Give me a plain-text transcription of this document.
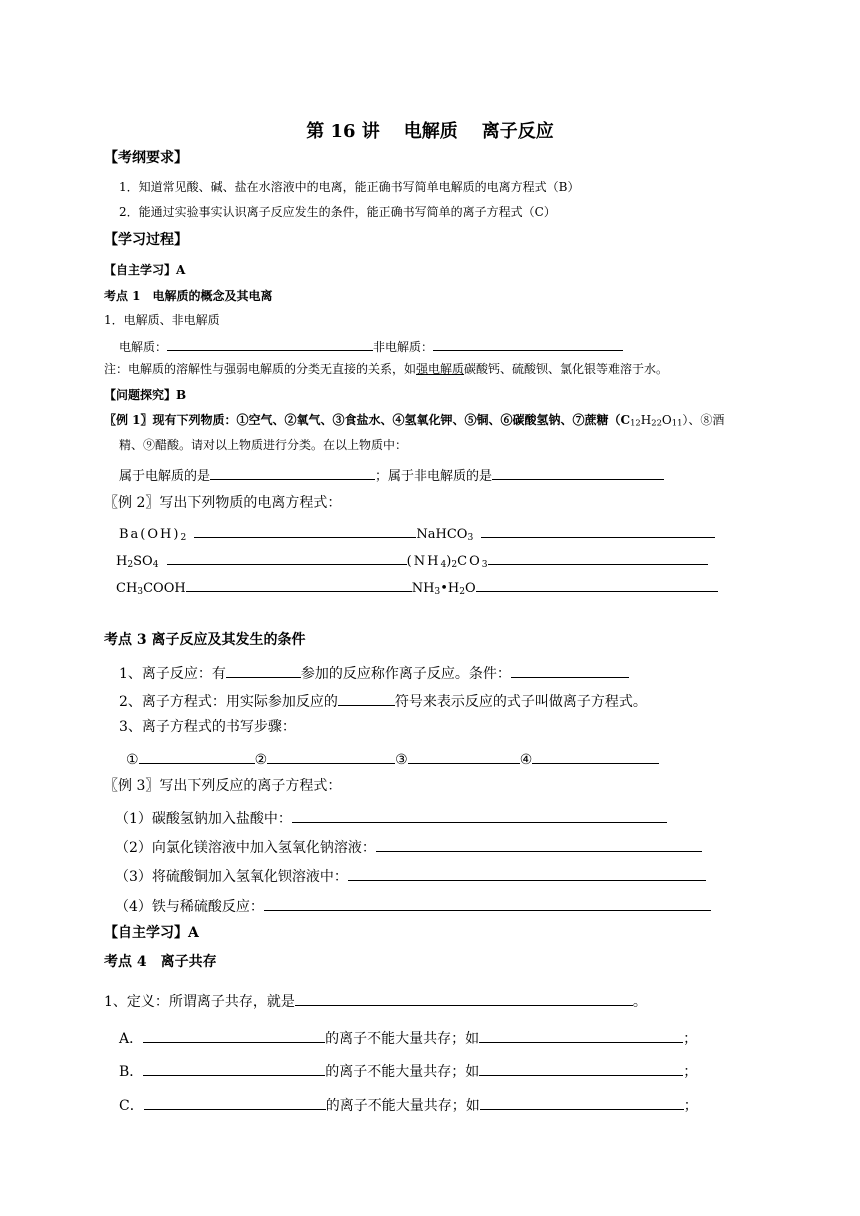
第 16 讲 电解质 离子反应
【考纲要求】
1．知道常见酸、碱、盐在水溶液中的电离，能正确书写简单电解质的电离方程式（B）
2．能通过实验事实认识离子反应发生的条件，能正确书写简单的离子方程式（C）
【学习过程】
【自主学习】A
考点 1　电解质的概念及其电离
1．电解质、非电解质
电解质：	非电解质：
注：电解质的溶解性与强弱电解质的分类无直接的关系，如强电解质碳酸钙、硫酸钡、氯化银等难溶于水。
【问题探究】B
〖例 1〗现有下列物质：①空气、②氧气、③食盐水、④氢氧化钾、⑤铜、⑥碳酸氢钠、⑦蔗糖$(C_{12}H_{22}O_{11})$、⑧酒
精、⑨醋酸。请对以上物质进行分类。在以上物质中：
属于电解质的是	；属于非电解质的是
〖例 2〗写出下列物质的电离方程式：
$Ba(OH)_2$	NaHCO$_3$
$H_2SO_4$	$(NH_4)_2CO_3$
$CH_3COOH$	$NH_3•H_2O$
考点 3 离子反应及其发生的条件
1、离子反应：有	参加的反应称作离子反应。条件：
2、离子方程式：用实际参加反应的	符号来表示反应的式子叫做离子方程式。
3、离子方程式的书写步骤：
①	②	③	④
〖例 3〗写出下列反应的离子方程式：
（1）碳酸氢钠加入盐酸中：
（2）向氯化镁溶液中加入氢氧化钠溶液：
（3）将硫酸铜加入氢氧化钡溶液中：
（4）铁与稀硫酸反应：
【自主学习】A
考点 4　离子共存
1、定义：所谓离子共存，就是	。
A．	的离子不能大量共存；如	；
B．	的离子不能大量共存；如	；
C．	的离子不能大量共存；如	；
